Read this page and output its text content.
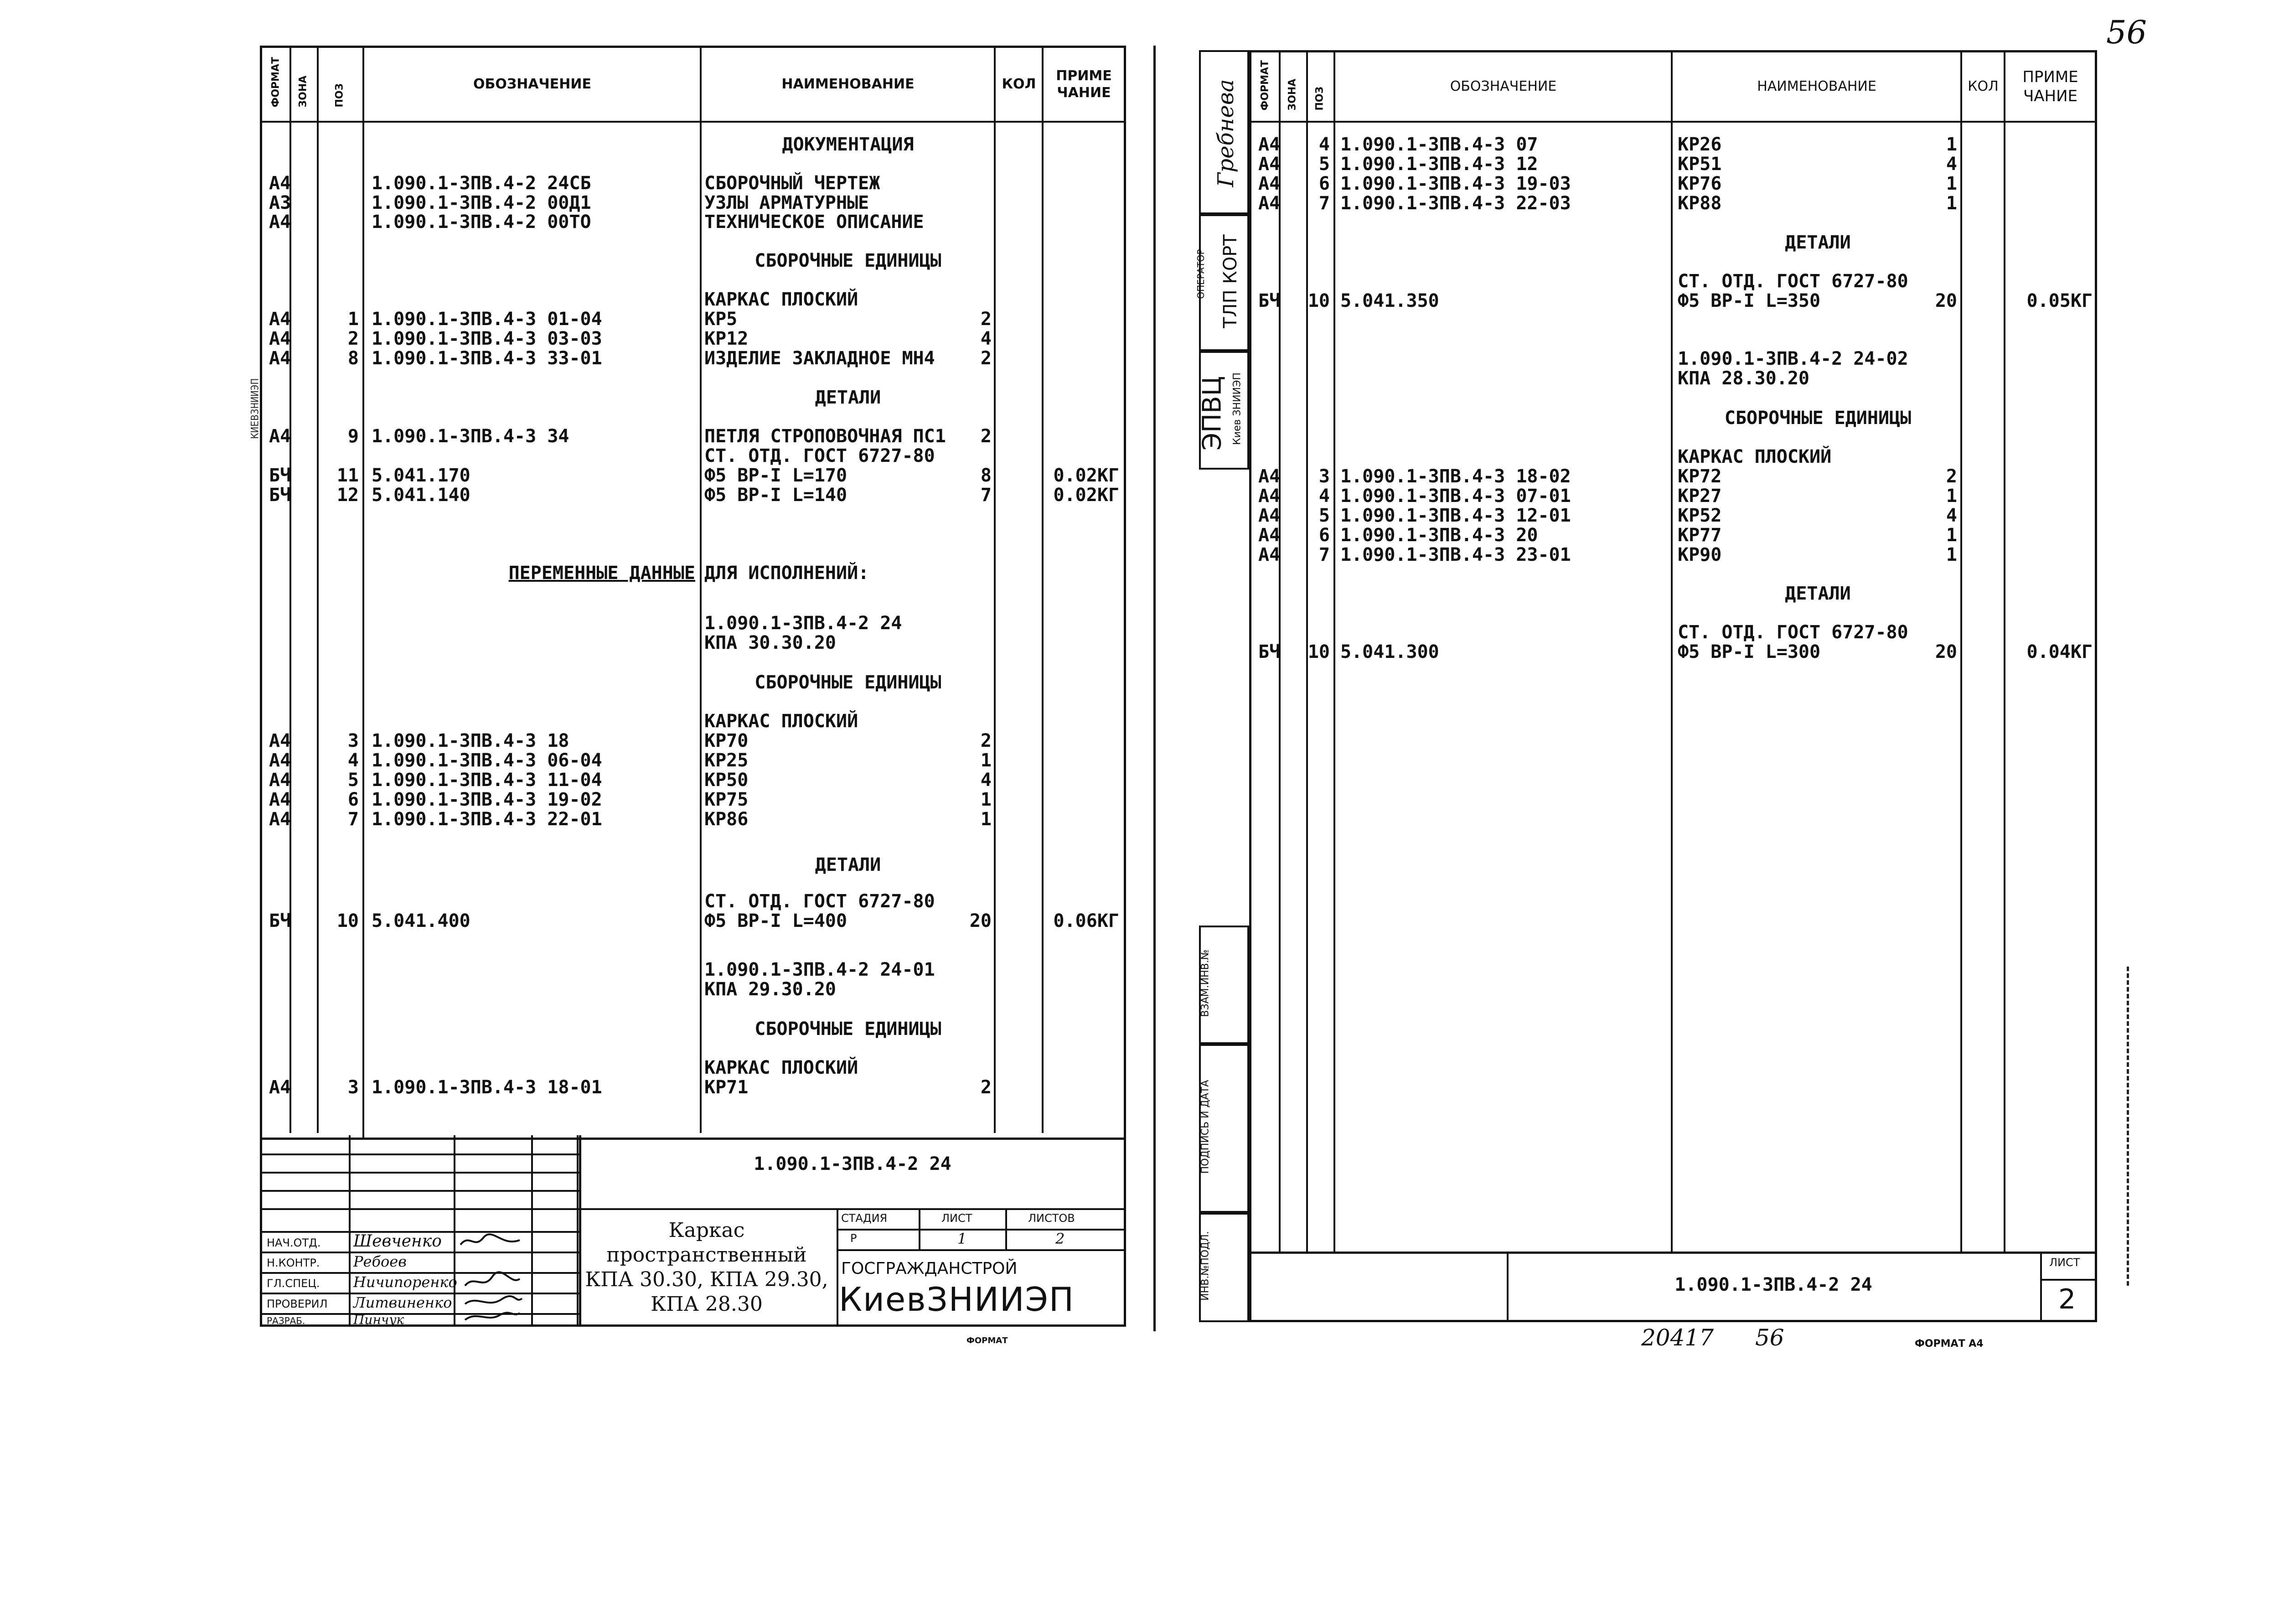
56
ФОРМАТ ЗОНА	ПОЗ	ОБОЗНАЧЕНИЕ	НАИМЕНОВАНИЕ	КОЛ
ПРИМЕ
ЧАНИЕ
ДОКУМЕНТАЦИЯ
А4	1.090.1-3ПВ.4-2 24СБ	СБОРОЧНЫЙ ЧЕРТЕЖ
А3	1.090.1-3ПВ.4-2 00Д1	УЗЛЫ АРМАТУРНЫЕ
А4	1.090.1-3ПВ.4-2 00ТО	ТЕХНИЧЕСКОЕ ОПИСАНИЕ
СБОРОЧНЫЕ ЕДИНИЦЫ
КАРКАС ПЛОСКИЙ
А4	1 1.090.1-3ПВ.4-3 01-04	КР5	2
А4	2 1.090.1-3ПВ.4-3 03-03	КР12	4
А4	8 1.090.1-3ПВ.4-3 33-01	ИЗДЕЛИЕ ЗАКЛАДНОЕ МН4	2
ДЕТАЛИ
А4	9 1.090.1-3ПВ.4-3 34	ПЕТЛЯ СТРОПОВОЧНАЯ ПС1 2
СТ. ОТД. ГОСТ 6727-80
БЧ	11 5.041.170	Ф5 ВР-I L=170	8	0.02КГ
БЧ	12 5.041.140	Ф5 ВР-I L=140	7	0.02КГ
ПЕРЕМЕННЫЕ ДАННЫЕ ДЛЯ ИСПОЛНЕНИЙ:
1.090.1-3ПВ.4-2 24
КПА 30.30.20
СБОРОЧНЫЕ ЕДИНИЦЫ
КАРКАС ПЛОСКИЙ
А4	3 1.090.1-3ПВ.4-3 18	КР70	2
А4	4 1.090.1-3ПВ.4-3 06-04	КР25	1
А4	5 1.090.1-3ПВ.4-3 11-04	КР50	4
А4	6 1.090.1-3ПВ.4-3 19-02	КР75	1
А4	7 1.090.1-3ПВ.4-3 22-01	КР86	1
ДЕТАЛИ
СТ. ОТД. ГОСТ 6727-80
БЧ	10 5.041.400	Ф5 ВР-I L=400	20	0.06КГ
1.090.1-3ПВ.4-2 24-01
КПА 29.30.20
СБОРОЧНЫЕ ЕДИНИЦЫ
КАРКАС ПЛОСКИЙ
А4	3 1.090.1-3ПВ.4-3 18-01	КР71	2
НАЧ.ОТД.
Н.КОНТР.
ГЛ.СПЕЦ.
ПРОВЕРИЛ
РАЗРАБ.
Шевченко
Ребоев
Ничипоренко
Литвиненко
Пинчук
1.090.1-3ПВ.4-2 24
Каркас
пространственный
КПА 30.30, КПА 29.30,
КПА 28.30
СТАДИЯ	ЛИСТ	ЛИСТОВ
Р	1	2
ГОСГРАЖДАНСТРОЙ
КиевЗНИИЭП
ФОРМАТ
КИЕВЗНИИЭП
ФОРМАТ ЗОНА ПОЗ	ОБОЗНАЧЕНИЕ	НАИМЕНОВАНИЕ	КОЛ
ПРИМЕ
ЧАНИЕ
А4 4 1.090.1-3ПВ.4-3 07	КР26	1
А4 5 1.090.1-3ПВ.4-3 12	КР51	4
А4 6 1.090.1-3ПВ.4-3 19-03	КР76	1
А4 7 1.090.1-3ПВ.4-3 22-03	КР88	1
ДЕТАЛИ
СТ. ОТД. ГОСТ 6727-80
БЧ 10 5.041.350	Ф5 ВР-I L=350	20	0.05КГ
1.090.1-3ПВ.4-2 24-02
КПА 28.30.20
СБОРОЧНЫЕ ЕДИНИЦЫ
КАРКАС ПЛОСКИЙ
А4 3 1.090.1-3ПВ.4-3 18-02	КР72	2
А4 4 1.090.1-3ПВ.4-3 07-01	КР27	1
А4 5 1.090.1-3ПВ.4-3 12-01	КР52	4
А4 6 1.090.1-3ПВ.4-3 20	КР77	1
А4 7 1.090.1-3ПВ.4-3 23-01	КР90	1
ДЕТАЛИ
СТ. ОТД. ГОСТ 6727-80
БЧ 10 5.041.300	Ф5 ВР-I L=300	20	0.04КГ
1.090.1-3ПВ.4-2 24
ЛИСТ
2
Гребнева
ОПЕРАТОР ТЛП КОРТ
ЭПВЦ Киев ЗНИИЭП
ВЗАМ.ИНВ.№
ПОДПИСЬ И ДАТА
ИНВ.№ПОДЛ.
20417 56	ФОРМАТ А4
